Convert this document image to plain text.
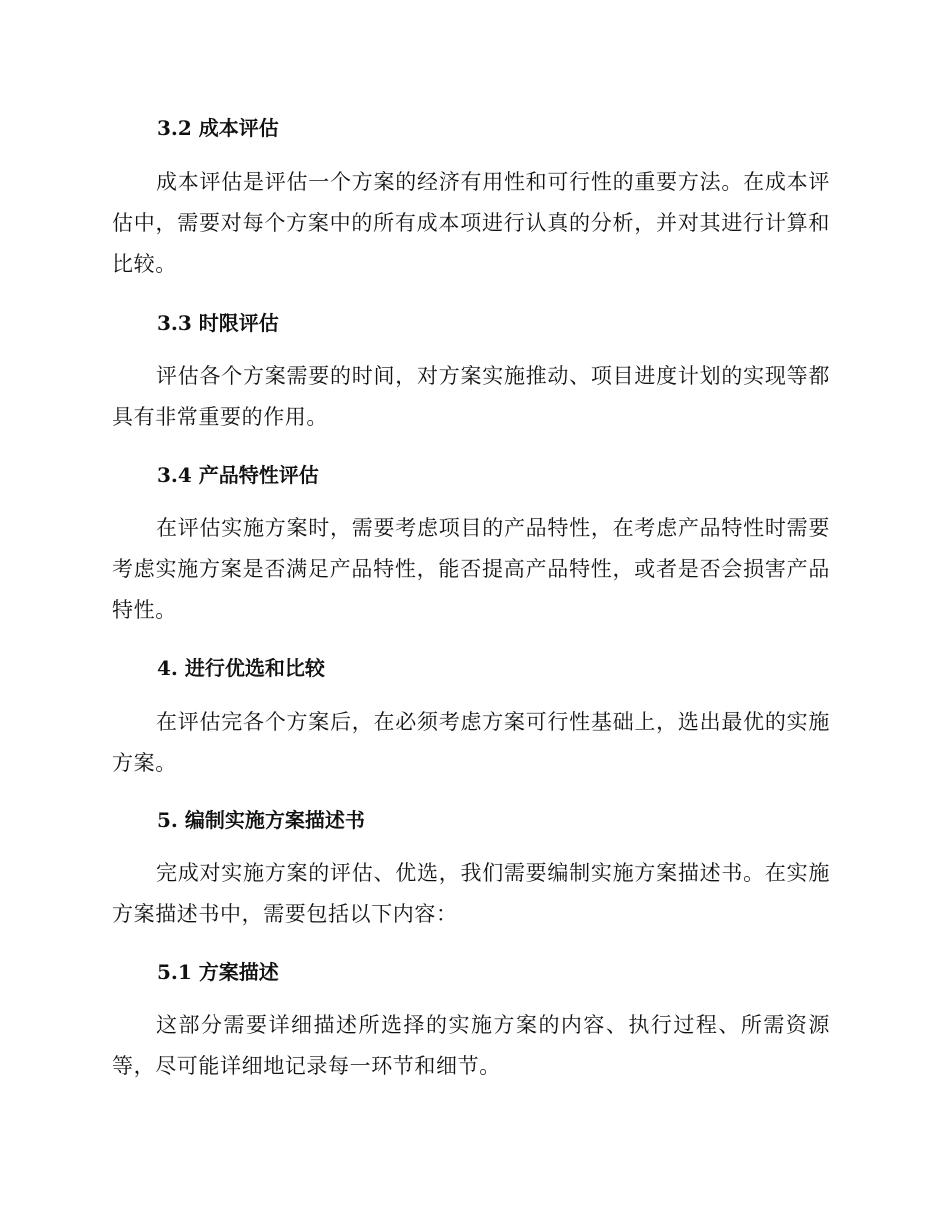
3.2 成本评估
成本评估是评估一个方案的经济有用性和可行性的重要方法。在成本评估中，需要对每个方案中的所有成本项进行认真的分析，并对其进行计算和比较。
3.3 时限评估
评估各个方案需要的时间，对方案实施推动、项目进度计划的实现等都具有非常重要的作用。
3.4 产品特性评估
在评估实施方案时，需要考虑项目的产品特性，在考虑产品特性时需要考虑实施方案是否满足产品特性，能否提高产品特性，或者是否会损害产品特性。
4. 进行优选和比较
在评估完各个方案后，在必须考虑方案可行性基础上，选出最优的实施方案。
5. 编制实施方案描述书
完成对实施方案的评估、优选，我们需要编制实施方案描述书。在实施方案描述书中，需要包括以下内容：
5.1 方案描述
这部分需要详细描述所选择的实施方案的内容、执行过程、所需资源等，尽可能详细地记录每一环节和细节。
